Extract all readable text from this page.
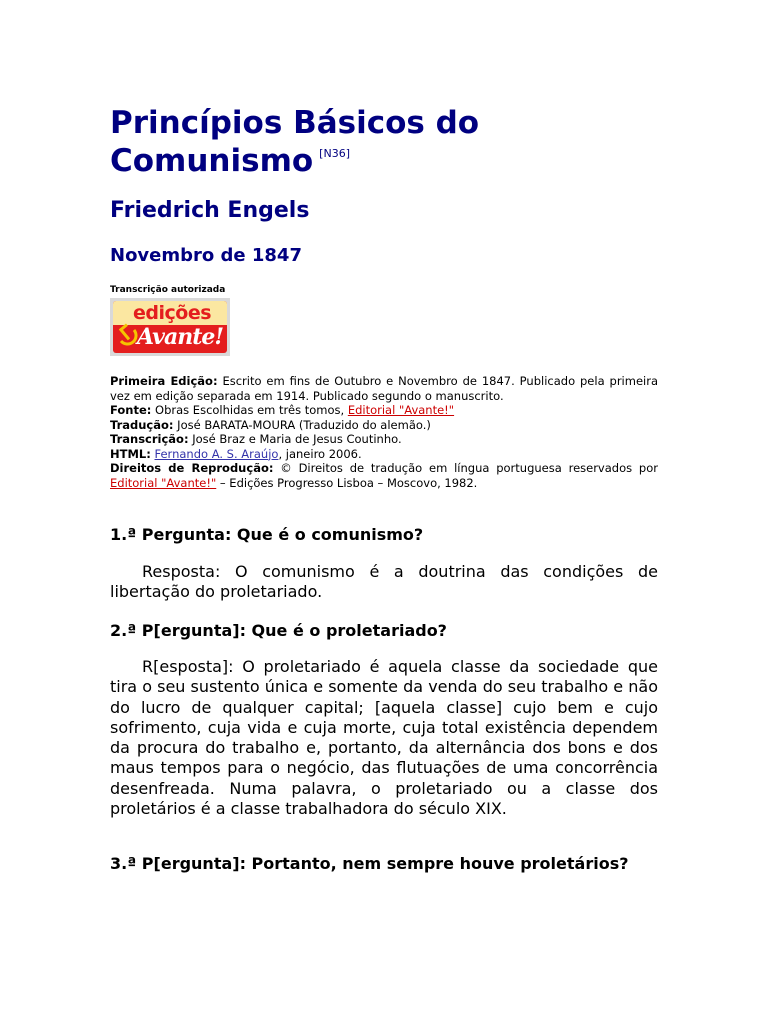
Princípios Básicos do Comunismo [N36]
Friedrich Engels
Novembro de 1847
Transcrição autorizada
edições
Avante!

Primeira Edição: Escrito em fins de Outubro e Novembro de 1847. Publicado pela primeira vez em edição separada em 1914. Publicado segundo o manuscrito.

Fonte: Obras Escolhidas em três tomos, Editorial "Avante!"

Tradução: José BARATA-MOURA (Traduzido do alemão.)

Transcrição: José Braz e Maria de Jesus Coutinho.

HTML: Fernando A. S. Araújo, janeiro 2006.

Direitos de Reprodução: © Direitos de tradução em língua portuguesa reservados por Editorial "Avante!" – Edições Progresso Lisboa – Moscovo, 1982.

1.ª Pergunta: Que é o comunismo?

Resposta: O comunismo é a doutrina das condições de libertação do proletariado.

2.ª P[ergunta]: Que é o proletariado?

R[esposta]: O proletariado é aquela classe da sociedade que tira o seu sustento única e somente da venda do seu trabalho e não do lucro de qualquer capital; [aquela classe] cujo bem e cujo sofrimento, cuja vida e cuja morte, cuja total existência dependem da procura do trabalho e, portanto, da alternância dos bons e dos maus tempos para o negócio, das flutuações de uma concorrência desenfreada. Numa palavra, o proletariado ou a classe dos proletários é a classe trabalhadora do século XIX.

3.ª P[ergunta]: Portanto, nem sempre houve proletários?
